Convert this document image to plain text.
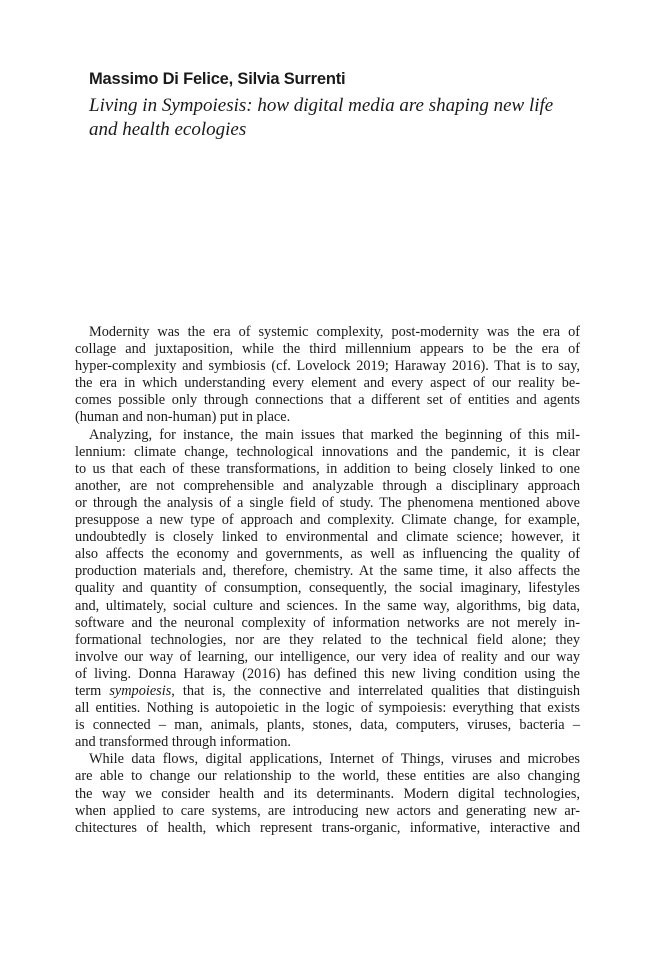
Massimo Di Felice, Silvia Surrenti
Living in Sympoiesis: how digital media are shaping new life
and health ecologies
Modernity was the era of systemic complexity, post-modernity was the era of
collage and juxtaposition, while the third millennium appears to be the era of
hyper-complexity and symbiosis (cf. Lovelock 2019; Haraway 2016). That is to say,
the era in which understanding every element and every aspect of our reality be-
comes possible only through connections that a different set of entities and agents
(human and non-human) put in place.
Analyzing, for instance, the main issues that marked the beginning of this mil-
lennium: climate change, technological innovations and the pandemic, it is clear
to us that each of these transformations, in addition to being closely linked to one
another, are not comprehensible and analyzable through a disciplinary approach
or through the analysis of a single field of study. The phenomena mentioned above
presuppose a new type of approach and complexity. Climate change, for example,
undoubtedly is closely linked to environmental and climate science; however, it
also affects the economy and governments, as well as influencing the quality of
production materials and, therefore, chemistry. At the same time, it also affects the
quality and quantity of consumption, consequently, the social imaginary, lifestyles
and, ultimately, social culture and sciences. In the same way, algorithms, big data,
software and the neuronal complexity of information networks are not merely in-
formational technologies, nor are they related to the technical field alone; they
involve our way of learning, our intelligence, our very idea of reality and our way
of living. Donna Haraway (2016) has defined this new living condition using the
term sympoiesis, that is, the connective and interrelated qualities that distinguish
all entities. Nothing is autopoietic in the logic of sympoiesis: everything that exists
is connected – man, animals, plants, stones, data, computers, viruses, bacteria –
and transformed through information.
While data flows, digital applications, Internet of Things, viruses and microbes
are able to change our relationship to the world, these entities are also changing
the way we consider health and its determinants. Modern digital technologies,
when applied to care systems, are introducing new actors and generating new ar-
chitectures of health, which represent trans-organic, informative, interactive and
